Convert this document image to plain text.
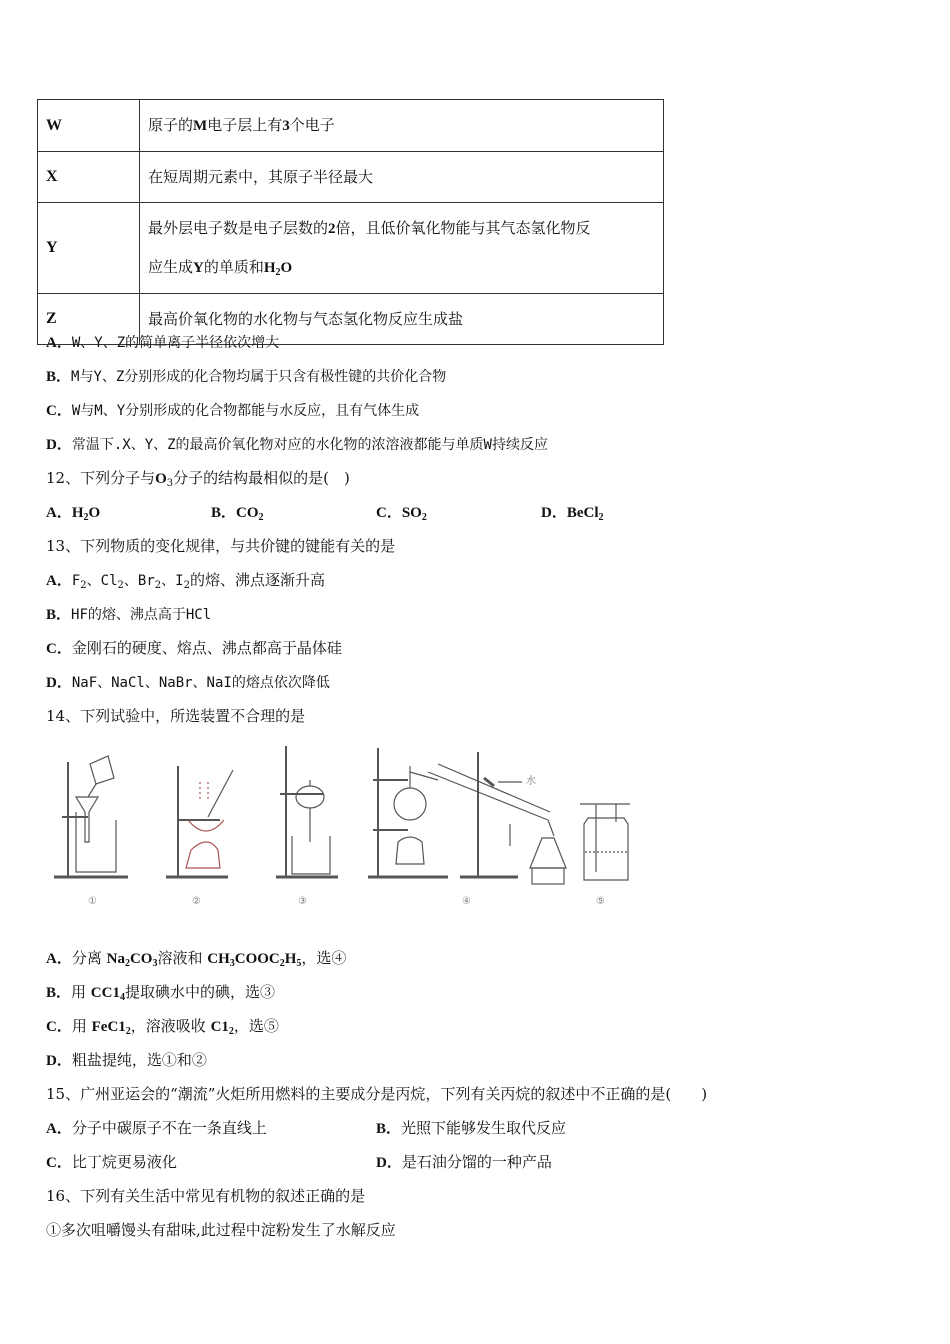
W	原子的M电子层上有3个电子
X	在短周期元素中，其原子半径最大
Y	最外层电子数是电子层数的2倍，且低价氧化物能与其气态氢化物反
应生成Y的单质和$H_2O$
Z	最高价氧化物的水化物与气态氢化物反应生成盐
A．W、Y、Z的简单离子半径依次增大
B．M与Y、Z分别形成的化合物均属于只含有极性键的共价化合物
C．W与M、Y分别形成的化合物都能与水反应，且有气体生成
D．常温下.X、Y、Z的最高价氧化物对应的水化物的浓溶液都能与单质W持续反应
12、下列分子与$O_3$分子的结构最相似的是(　)
A．$H_2O$	B．$CO_2$	C．$SO_2$	D．BeCl$_2$
13、下列物质的变化规律，与共价键的键能有关的是
A．$F_2$、$Cl_2$、$Br_2$、$I_2$的熔、沸点逐渐升高
B．HF的熔、沸点高于HCl
C．金刚石的硬度、熔点、沸点都高于晶体硅
D．NaF、NaCl、NaBr、NaI的熔点依次降低
14、下列试验中，所选装置不合理的是
①	②	③	④	⑤
水
A．分离 $Na_2CO_3$溶液和 $CH_3COOC_2H_5$，选④
B．用 $CC1_4$提取碘水中的碘，选③
C．用 $FeC1_2$，溶液吸收 $C1_2$，选⑤
D．粗盐提纯，选①和②
15、广州亚运会的“潮流”火炬所用燃料的主要成分是丙烷，下列有关丙烷的叙述中不正确的是(　　)
A．分子中碳原子不在一条直线上	B．光照下能够发生取代反应
C．比丁烷更易液化	D．是石油分馏的一种产品
16、下列有关生活中常见有机物的叙述正确的是
①多次咀嚼馒头有甜味,此过程中淀粉发生了水解反应
